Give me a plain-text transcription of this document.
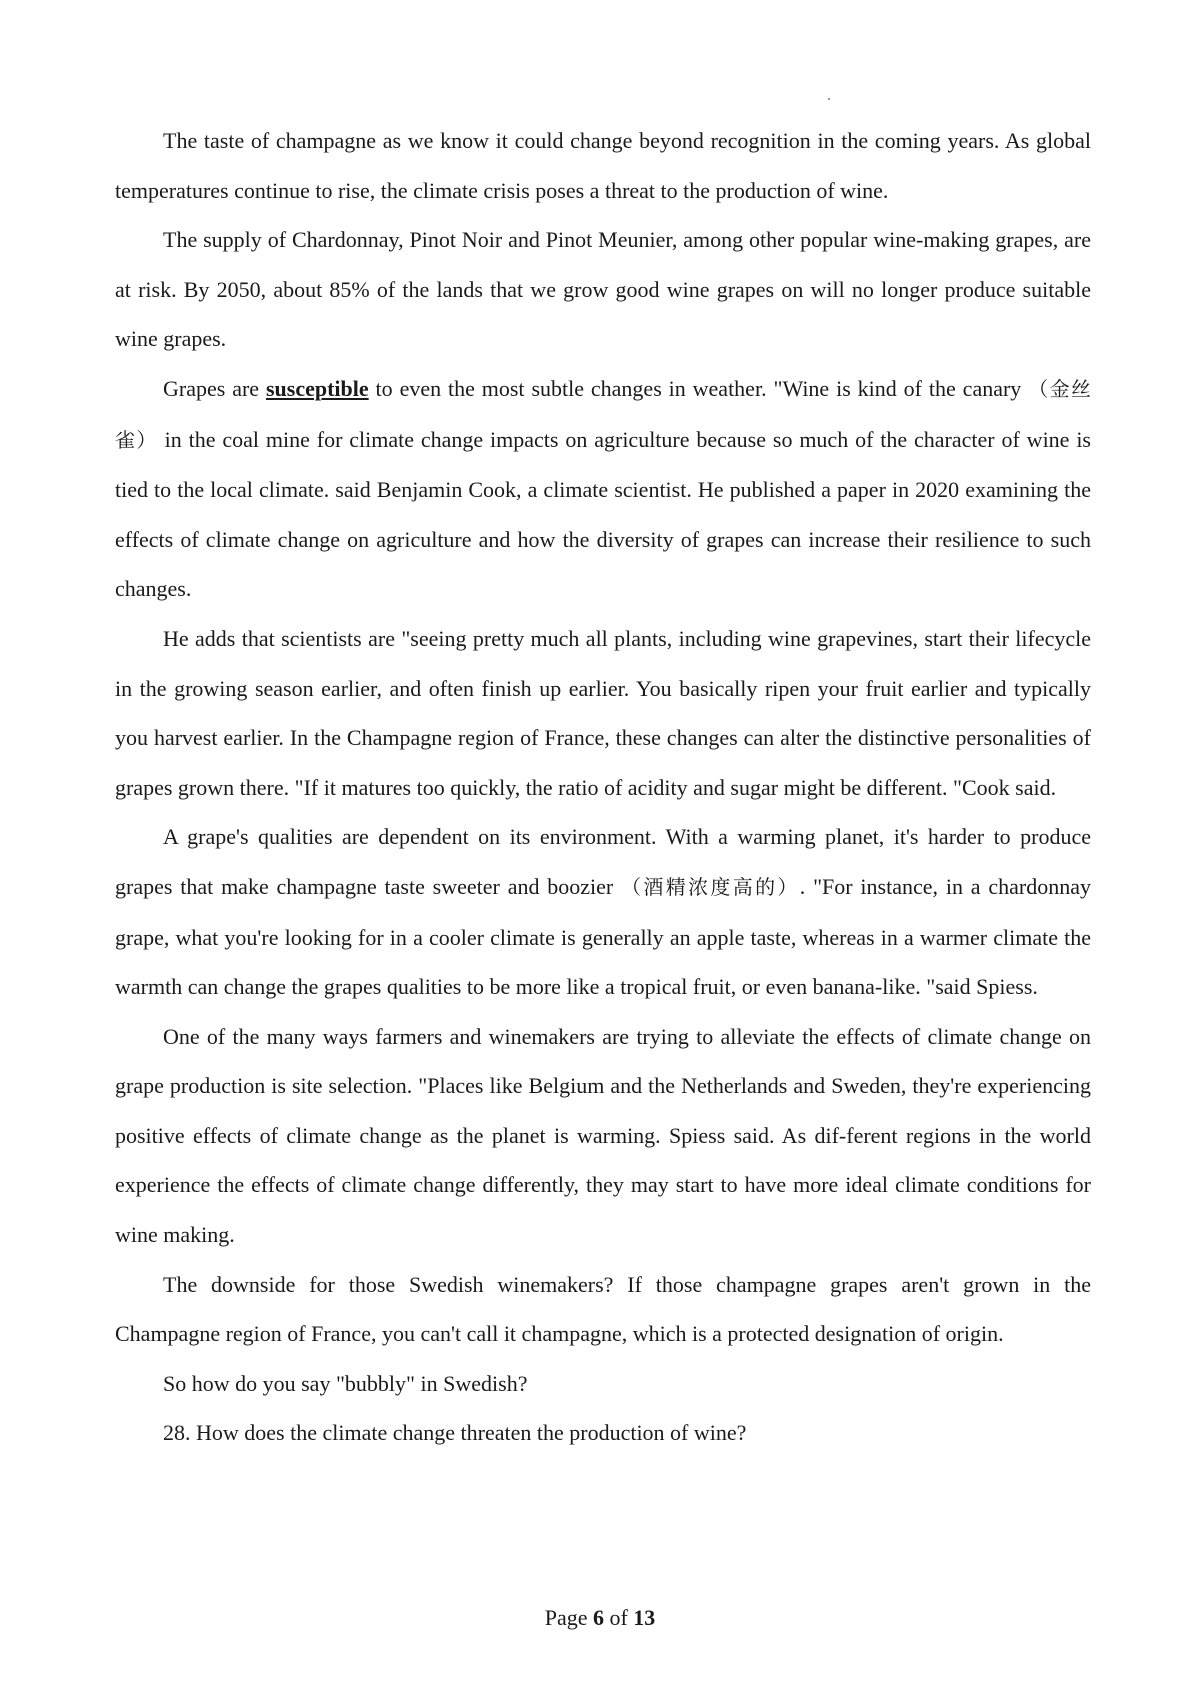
The taste of champagne as we know it could change beyond recognition in the coming years. As global temperatures continue to rise, the climate crisis poses a threat to the production of wine.

The supply of Chardonnay, Pinot Noir and Pinot Meunier, among other popular wine-making grapes, are at risk. By 2050, about 85% of the lands that we grow good wine grapes on will no longer produce suitable wine grapes.

Grapes are susceptible to even the most subtle changes in weather. "Wine is kind of the canary （金丝雀） in the coal mine for climate change impacts on agriculture because so much of the character of wine is tied to the local climate. said Benjamin Cook, a climate scientist. He published a paper in 2020 examining the effects of climate change on agriculture and how the diversity of grapes can increase their resilience to such changes.

He adds that scientists are "seeing pretty much all plants, including wine grapevines, start their lifecycle in the growing season earlier, and often finish up earlier. You basically ripen your fruit earlier and typically you harvest earlier. In the Champagne region of France, these changes can alter the distinctive personalities of grapes grown there. "If it matures too quickly, the ratio of acidity and sugar might be different. "Cook said.

A grape's qualities are dependent on its environment. With a warming planet, it's harder to produce grapes that make champagne taste sweeter and boozier （酒精浓度高的）. "For instance, in a chardonnay grape, what you're looking for in a cooler climate is generally an apple taste, whereas in a warmer climate the warmth can change the grapes qualities to be more like a tropical fruit, or even banana-like. "said Spiess.

One of the many ways farmers and winemakers are trying to alleviate the effects of climate change on grape production is site selection. "Places like Belgium and the Netherlands and Sweden, they're experiencing positive effects of climate change as the planet is warming. Spiess said. As dif-ferent regions in the world experience the effects of climate change differently, they may start to have more ideal climate conditions for wine making.

The downside for those Swedish winemakers? If those champagne grapes aren't grown in the Champagne region of France, you can't call it champagne, which is a protected designation of origin.

So how do you say "bubbly" in Swedish?

28. How does the climate change threaten the production of wine?

Page 6 of 13
